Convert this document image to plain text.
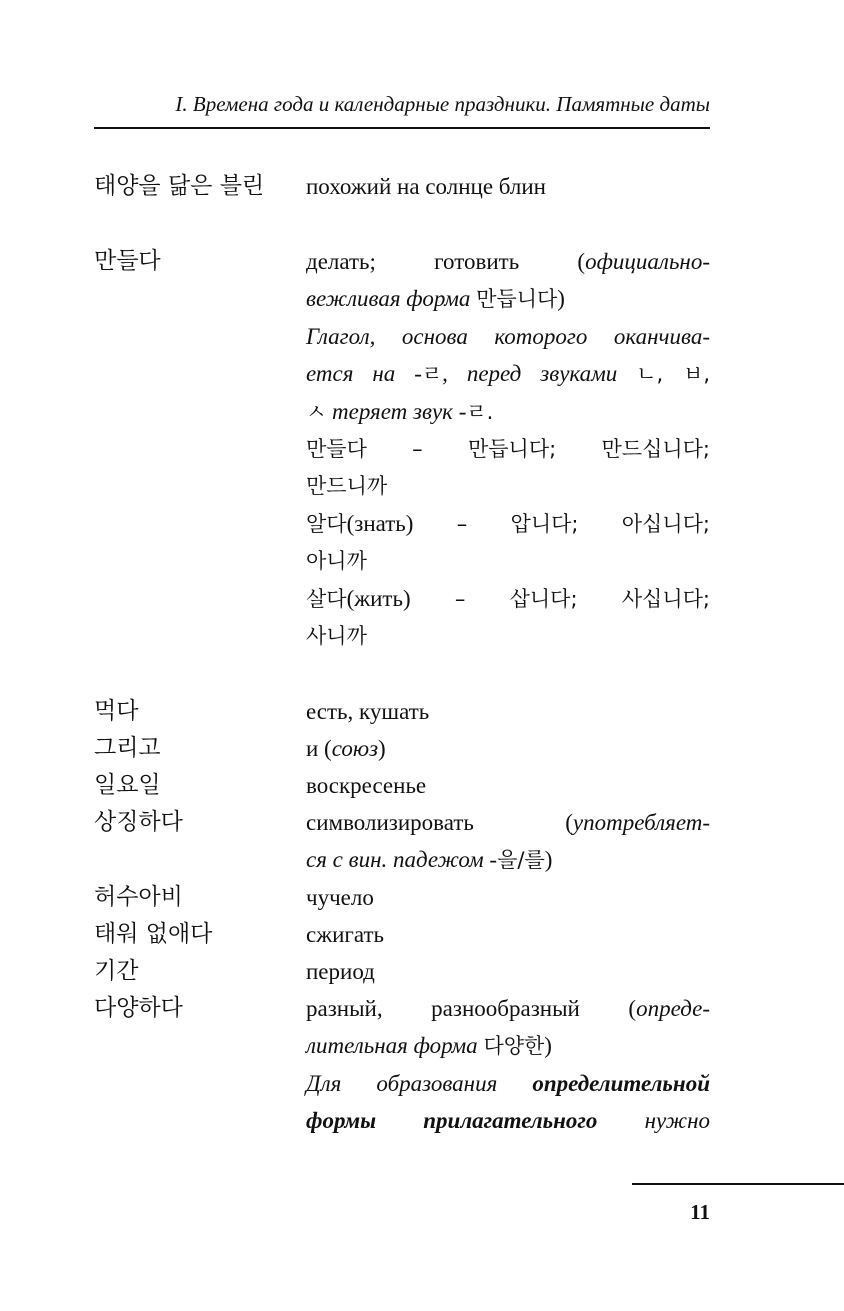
I. Времена года и календарные праздники. Памятные даты
태양을 닮은 블린 похожий на солнце блин
만들다	делать; готовить (официально-
вежливая форма 만듭니다)
Глагол, основа которого оканчива-
ется на -ㄹ, перед звуками ㄴ, ㅂ,
ㅅ теряет звук -ㄹ.
만들다 – 만듭니다; 만드십니다;
만드니까
알다(знать) – 압니다; 아십니다;
아니까
살다(жить) – 삽니다; 사십니다;
사니까
먹다	есть, кушать
그리고	и (союз)
일요일	воскресенье
상징하다	символизировать (употребляет-
ся с вин. падежом -을/를)
허수아비	чучело
태워 없애다	сжигать
기간	период
다양하다	разный, разнообразный (опреде-
лительная форма 다양한)
Для образования определительной
формы прилагательного нужно
11
